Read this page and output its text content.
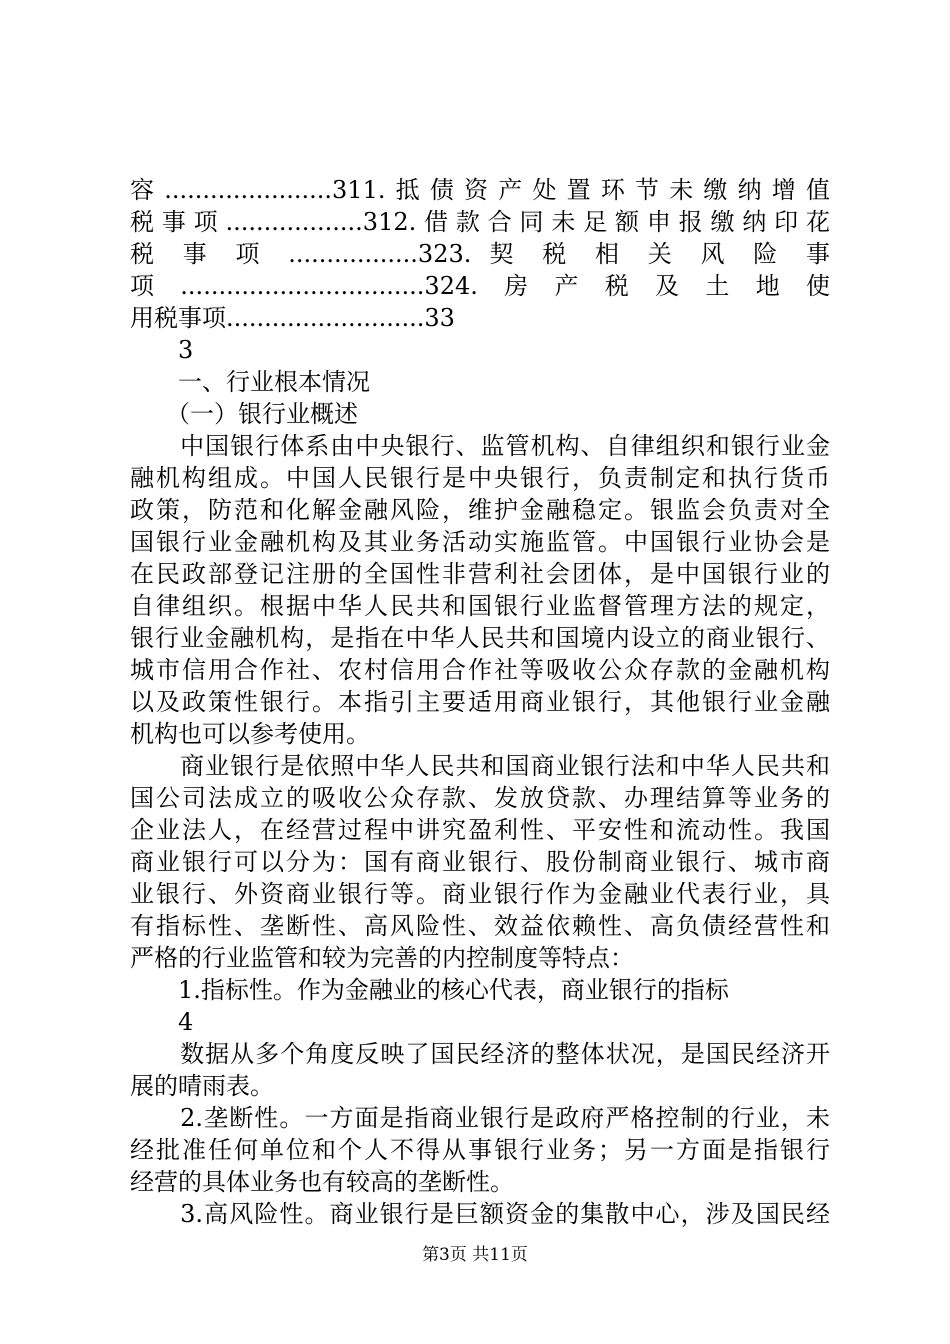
容......................311.抵债资产处置环节未缴纳增值
税事项..................312.借款合同未足额申报缴纳印花
税 事 项 .................323. 契 税 相 关 风 险 事
项................................324.房产税及土地使
用税事项..........................33
3
一、行业根本情况
（一）银行业概述
　　中国银行体系由中央银行、监管机构、自律组织和银行业金
融机构组成。中国人民银行是中央银行，负责制定和执行货币
政策，防范和化解金融风险，维护金融稳定。银监会负责对全
国银行业金融机构及其业务活动实施监管。中国银行业协会是
在民政部登记注册的全国性非营利社会团体，是中国银行业的
自律组织。根据中华人民共和国银行业监督管理方法的规定，
银行业金融机构，是指在中华人民共和国境内设立的商业银行、
城市信用合作社、农村信用合作社等吸收公众存款的金融机构
以及政策性银行。本指引主要适用商业银行，其他银行业金融
机构也可以参考使用。
　　商业银行是依照中华人民共和国商业银行法和中华人民共和
国公司法成立的吸收公众存款、发放贷款、办理结算等业务的
企业法人，在经营过程中讲究盈利性、平安性和流动性。我国
商业银行可以分为：国有商业银行、股份制商业银行、城市商
业银行、外资商业银行等。商业银行作为金融业代表行业，具
有指标性、垄断性、高风险性、效益依赖性、高负债经营性和
严格的行业监管和较为完善的内控制度等特点：
　　1.指标性。作为金融业的核心代表，商业银行的指标
4
　　数据从多个角度反映了国民经济的整体状况，是国民经济开
展的晴雨表。
　　2.垄断性。一方面是指商业银行是政府严格控制的行业，未
经批准任何单位和个人不得从事银行业务；另一方面是指银行
经营的具体业务也有较高的垄断性。
　　3.高风险性。商业银行是巨额资金的集散中心，涉及国民经
第3页 共11页
